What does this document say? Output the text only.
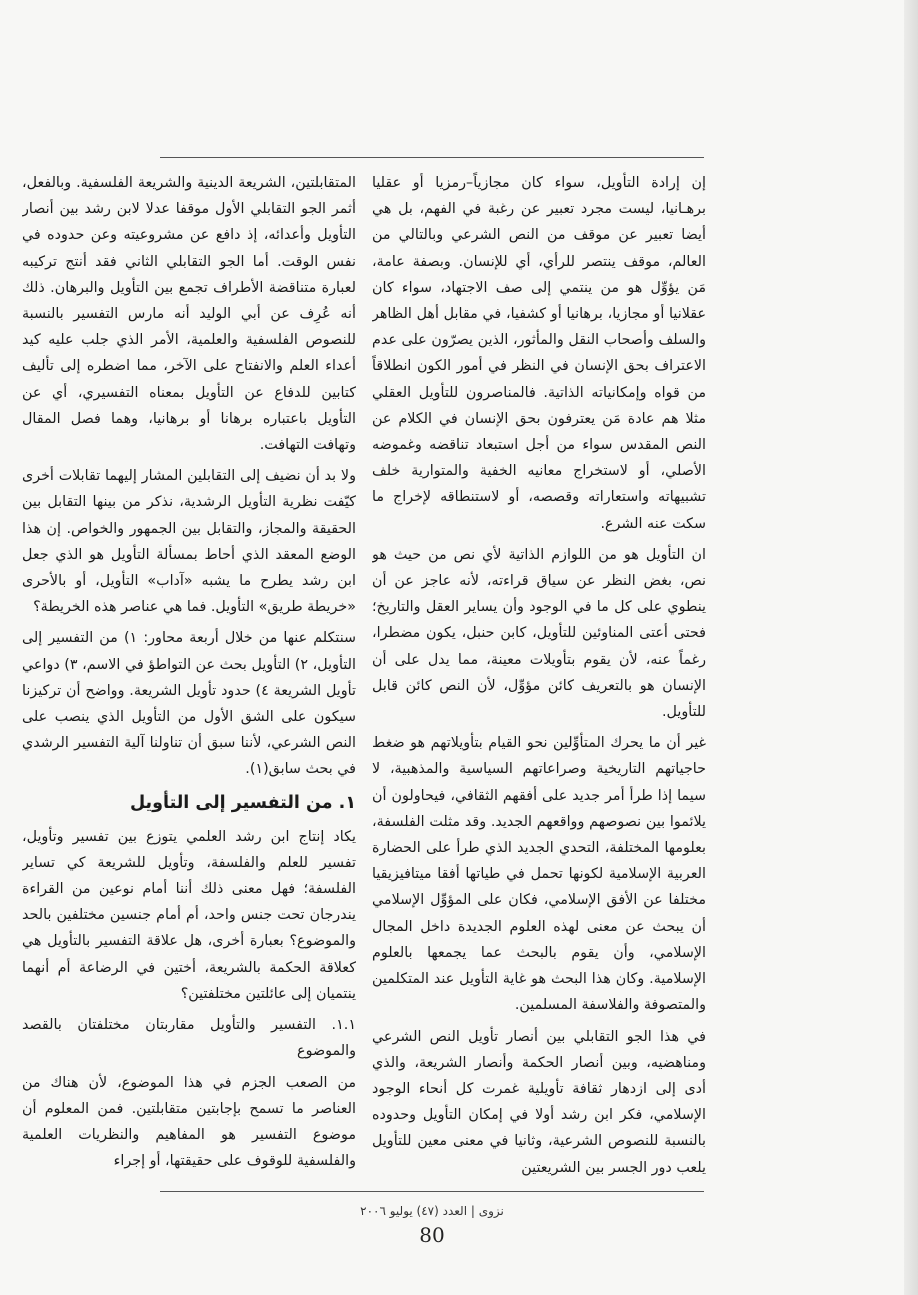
إن إرادة التأويل، سواء كان مجازياً–رمزيا أو عقليا برهـانيا، ليست مجرد تعبير عن رغبة في الفهم، بل هي أيضا تعبير عن موقف من النص الشرعي وبالتالي من العالم، موقف ينتصر للرأي، أي للإنسان. وبصفة عامة، مَن يؤوِّل هو من ينتمي إلى صف الاجتهاد، سواء كان عقلانيا أو مجازيا، برهانيا أو كشفيا، في مقابل أهل الظاهر والسلف وأصحاب النقل والمأثور، الذين يصرّون على عدم الاعتراف بحق الإنسان في النظر في أمور الكون انطلاقاً من قواه وإمكانياته الذاتية. فالمناصرون للتأويل العقلي مثلا هم عادة مَن يعترفون بحق الإنسان في الكلام عن النص المقدس سواء من أجل استبعاد تناقضه وغموضه الأصلي، أو لاستخراج معانيه الخفية والمتوارية خلف تشبيهاته واستعاراته وقصصه، أو لاستنطاقه لإخراج ما سكت عنه الشرع.

ان التأويل هو من اللوازم الذاتية لأي نص من حيث هو نص، بغض النظر عن سياق قراءته، لأنه عاجز عن أن ينطوي على كل ما في الوجود وأن يساير العقل والتاريخ؛ فحتى أعتى المناوئين للتأويل، كابن حنبل، يكون مضطرا، رغماً عنه، لأن يقوم بتأويلات معينة، مما يدل على أن الإنسان هو بالتعريف كائن مؤوِّل، لأن النص كائن قابل للتأويل.

غير أن ما يحرك المتأوِّلين نحو القيام بتأويلاتهم هو ضغط حاجياتهم التاريخية وصراعاتهم السياسية والمذهبية، لا سيما إذا طرأ أمر جديد على أفقهم الثقافي، فيحاولون أن يلائموا بين نصوصهم وواقعهم الجديد. وقد مثلت الفلسفة، بعلومها المختلفة، التحدي الجديد الذي طرأ على الحضارة العربية الإسلامية لكونها تحمل في طياتها أفقا ميتافيزيقيا مختلفا عن الأفق الإسلامي، فكان على المؤوِّل الإسلامي أن يبحث عن معنى لهذه العلوم الجديدة داخل المجال الإسلامي، وأن يقوم بالبحث عما يجمعها بالعلوم الإسلامية. وكان هذا البحث هو غاية التأويل عند المتكلمين والمتصوفة والفلاسفة المسلمين.

في هذا الجو التقابلي بين أنصار تأويل النص الشرعي ومناهضيه، وبين أنصار الحكمة وأنصار الشريعة، والذي أدى إلى ازدهار ثقافة تأويلية غمرت كل أنحاء الوجود الإسلامي، فكر ابن رشد أولا في إمكان التأويل وحدوده بالنسبة للنصوص الشرعية، وثانيا في معنى معين للتأويل يلعب دور الجسر بين الشريعتين

المتقابلتين، الشريعة الدينية والشريعة الفلسفية. وبالفعل، أثمر الجو التقابلي الأول موقفا عدلا لابن رشد بين أنصار التأويل وأعدائه، إذ دافع عن مشروعيته وعن حدوده في نفس الوقت. أما الجو التقابلي الثاني فقد أنتج تركيبه لعبارة متناقضة الأطراف تجمع بين التأويل والبرهان. ذلك أنه عُرِف عن أبي الوليد أنه مارس التفسير بالنسبة للنصوص الفلسفية والعلمية، الأمر الذي جلب عليه كيد أعداء العلم والانفتاح على الآخر، مما اضطره إلى تأليف كتابين للدفاع عن التأويل بمعناه التفسيري، أي عن التأويل باعتباره برهانا أو برهانيا، وهما فصل المقال وتهافت التهافت.

ولا بد أن نضيف إلى التقابلين المشار إليهما تقابلات أخرى كيّفت نظرية التأويل الرشدية، نذكر من بينها التقابل بين الحقيقة والمجاز، والتقابل بين الجمهور والخواص. إن هذا الوضع المعقد الذي أحاط بمسألة التأويل هو الذي جعل ابن رشد يطرح ما يشبه «آداب» التأويل، أو بالأحرى «خريطة طريق» التأويل. فما هي عناصر هذه الخريطة؟

سنتكلم عنها من خلال أربعة محاور: ١) من التفسير إلى التأويل، ٢) التأويل بحث عن التواطؤ في الاسم، ٣) دواعي تأويل الشريعة ٤) حدود تأويل الشريعة. وواضح أن تركيزنا سيكون على الشق الأول من التأويل الذي ينصب على النص الشرعي، لأننا سبق أن تناولنا آلية التفسير الرشدي في بحث سابق(١).

١. من التفسير إلى التأويل

يكاد إنتاج ابن رشد العلمي يتوزع بين تفسير وتأويل، تفسير للعلم والفلسفة، وتأويل للشريعة كي تساير الفلسفة؛ فهل معنى ذلك أننا أمام نوعين من القراءة يندرجان تحت جنس واحد، أم أمام جنسين مختلفين بالحد والموضوع؟ بعبارة أخرى، هل علاقة التفسير بالتأويل هي كعلاقة الحكمة بالشريعة، أختين في الرضاعة أم أنهما ينتميان إلى عائلتين مختلفتين؟

١.١. التفسير والتأويل مقاربتان مختلفتان بالقصد والموضوع

من الصعب الجزم في هذا الموضوع، لأن هناك من العناصر ما تسمح بإجابتين متقابلتين. فمن المعلوم أن موضوع التفسير هو المفاهيم والنظريات العلمية والفلسفية للوقوف على حقيقتها، أو إجراء

نزوى | العدد (٤٧) يوليو ٢٠٠٦
80
